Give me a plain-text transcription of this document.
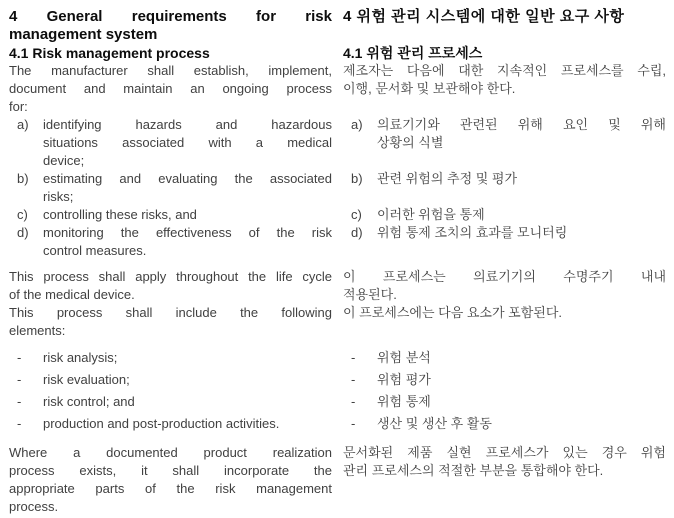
4 General requirements for risk
management system
4.1 Risk management process
The manufacturer shall establish, implement,
document and maintain an ongoing process
for:
a)	identifying hazards and hazardous
situations associated with a medical
device;
b)	estimating and evaluating the associated
risks;
c)	controlling these risks, and
d)	monitoring the effectiveness of the risk
control measures.
4 위험 관리 시스템에 대한 일반 요구 사항
4.1 위험 관리 프로세스
제조자는 다음에 대한 지속적인 프로세스를 수립,
이행, 문서화 및 보관해야 한다.
a)	의료기기와 관련된 위해 요인 및 위해
상황의 식별
b)	관련 위험의 추정 및 평가
c)	이러한 위험을 통제
d)	위험 통제 조치의 효과를 모니터링
This process shall apply throughout the life cycle
of the medical device.
This process shall include the following
elements:
-	risk analysis;
-	risk evaluation;
-	risk control; and
-	production and post-production activities.
이 프로세스는 의료기기의 수명주기 내내
적용된다.
이 프로세스에는 다음 요소가 포함된다.
-	위험 분석
-	위험 평가
-	위험 통제
-	생산 및 생산 후 활동
Where a documented product realization
process exists, it shall incorporate the
appropriate parts of the risk management
process.
문서화된 제품 실현 프로세스가 있는 경우 위험
관리 프로세스의 적절한 부분을 통합해야 한다.
